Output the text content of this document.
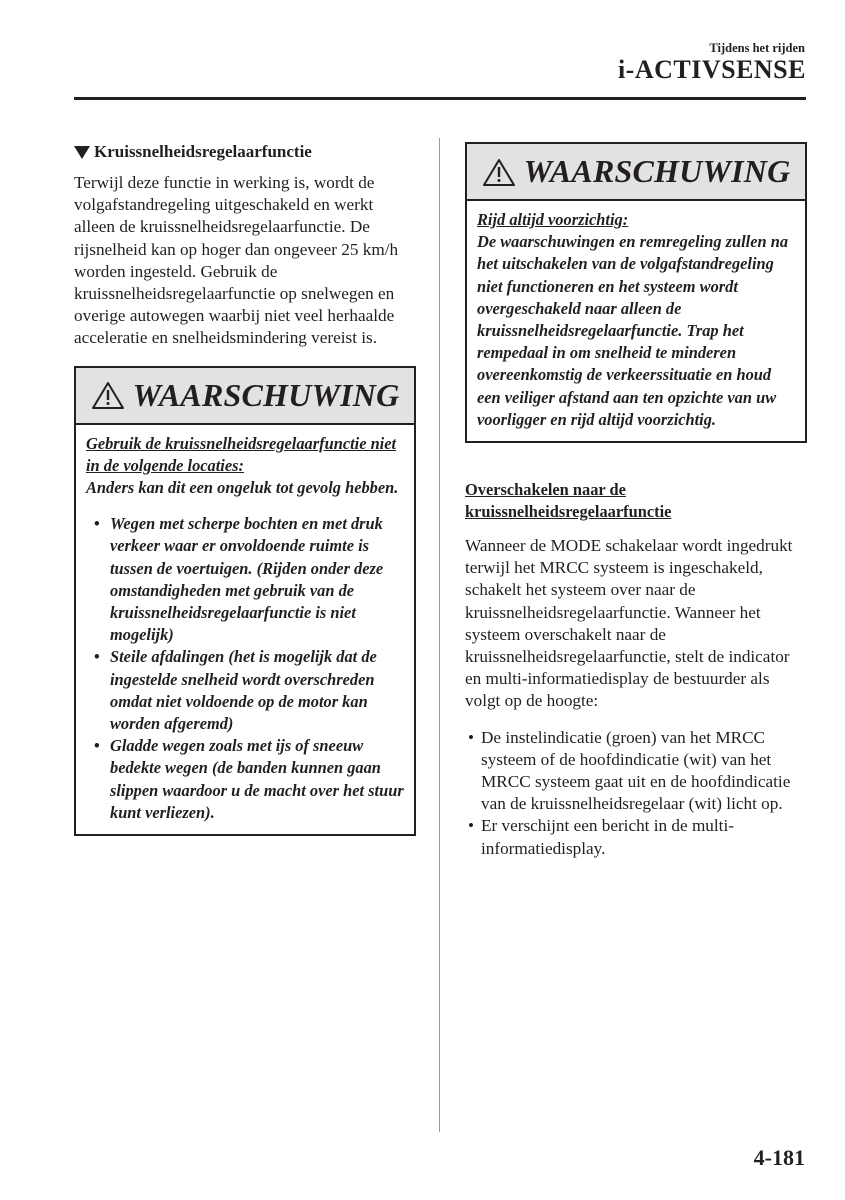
Tijdens het rijden
i-ACTIVSENSE
Kruissnelheidsregelaarfunctie

Terwijl deze functie in werking is, wordt de volgafstandregeling uitgeschakeld en werkt alleen de kruissnelheidsregelaarfunctie. De rijsnelheid kan op hoger dan ongeveer 25 km/h worden ingesteld. Gebruik de kruissnelheidsregelaarfunctie op snelwegen en overige autowegen waarbij niet veel herhaalde acceleratie en snelheidsmindering vereist is.

WAARSCHUWING
Gebruik de kruissnelheidsregelaarfunctie niet in de volgende locaties:
Anders kan dit een ongeluk tot gevolg hebben.
• Wegen met scherpe bochten en met druk verkeer waar er onvoldoende ruimte is tussen de voertuigen. (Rijden onder deze omstandigheden met gebruik van de kruissnelheidsregelaarfunctie is niet mogelijk)
• Steile afdalingen (het is mogelijk dat de ingestelde snelheid wordt overschreden omdat niet voldoende op de motor kan worden afgeremd)
• Gladde wegen zoals met ijs of sneeuw bedekte wegen (de banden kunnen gaan slippen waardoor u de macht over het stuur kunt verliezen).
WAARSCHUWING
Rijd altijd voorzichtig:
De waarschuwingen en remregeling zullen na het uitschakelen van de volgafstandregeling niet functioneren en het systeem wordt overgeschakeld naar alleen de kruissnelheidsregelaarfunctie. Trap het rempedaal in om snelheid te minderen overeenkomstig de verkeerssituatie en houd een veiliger afstand aan ten opzichte van uw voorligger en rijd altijd voorzichtig.

Overschakelen naar de kruissnelheidsregelaarfunctie

Wanneer de MODE schakelaar wordt ingedrukt terwijl het MRCC systeem is ingeschakeld, schakelt het systeem over naar de kruissnelheidsregelaarfunctie. Wanneer het systeem overschakelt naar de kruissnelheidsregelaarfunctie, stelt de indicator en multi-informatiedisplay de bestuurder als volgt op de hoogte:

• De instelindicatie (groen) van het MRCC systeem of de hoofdindicatie (wit) van het MRCC systeem gaat uit en de hoofdindicatie van de kruissnelheidsregelaar (wit) licht op.
• Er verschijnt een bericht in de multi-informatiedisplay.
4-181
